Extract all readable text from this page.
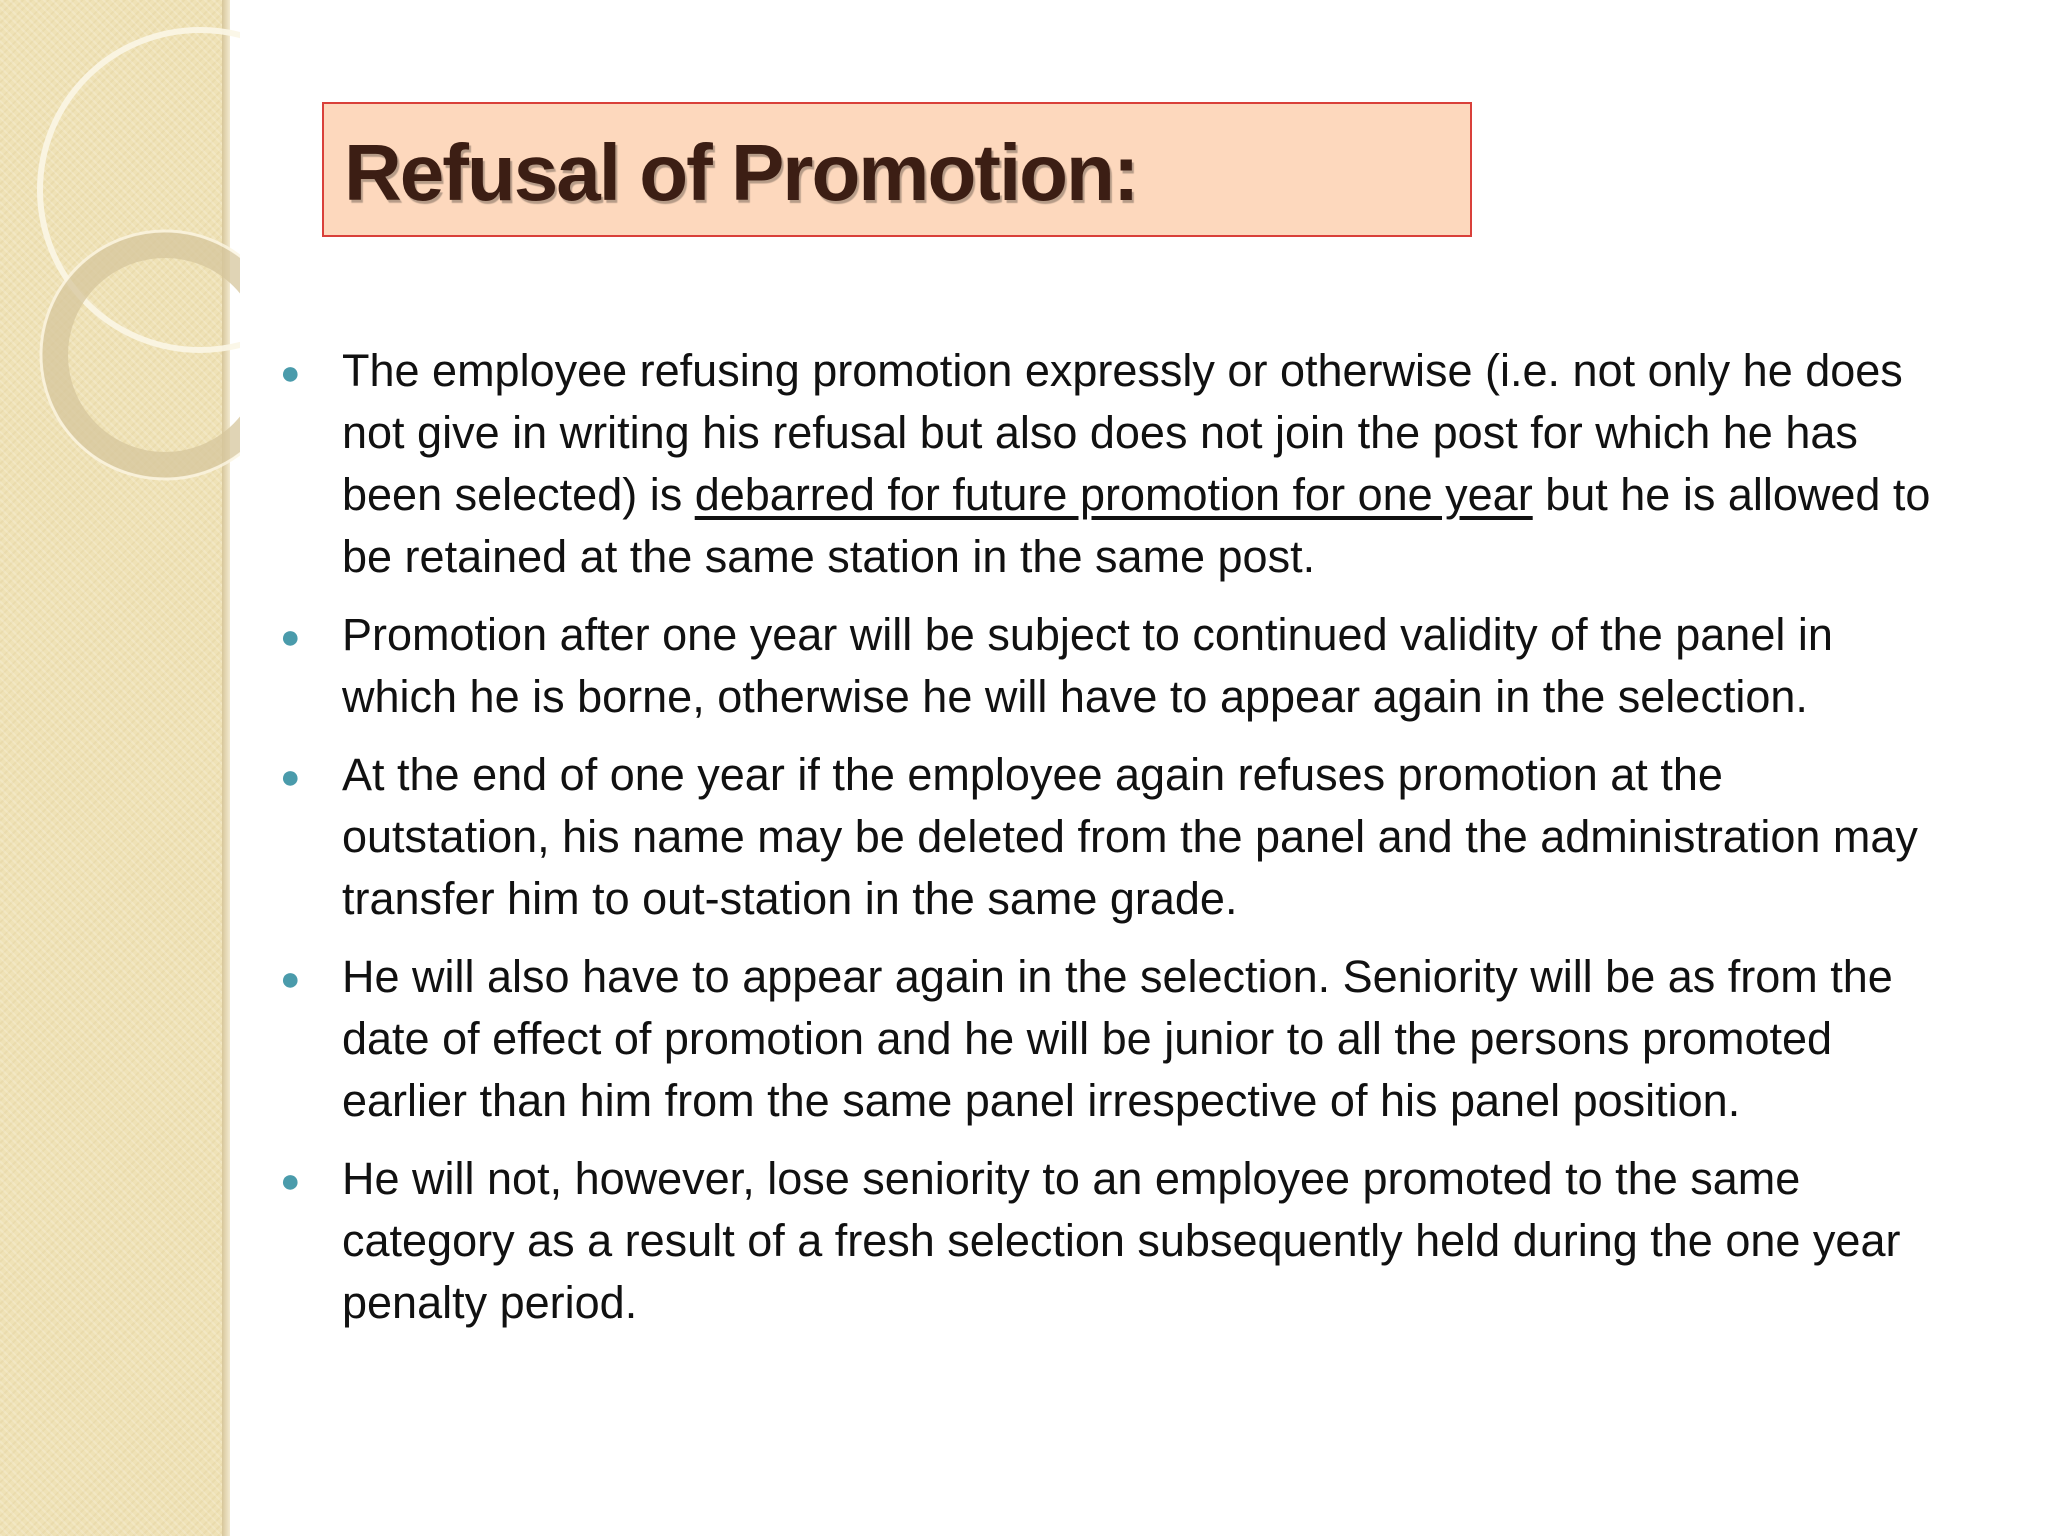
Refusal of Promotion:
● The employee refusing promotion expressly or otherwise (i.e. not only he does not give in writing his refusal but also does not join the post for which he has been selected) is debarred for future promotion for one year but he is allowed to be retained at the same station in the same post.
● Promotion after one year will be subject to continued validity of the panel in which he is borne, otherwise he will have to appear again in the selection.
● At the end of one year if the employee again refuses promotion at the outstation, his name may be deleted from the panel and the administration may transfer him to out-station in the same grade.
● He will also have to appear again in the selection. Seniority will be as from the date of effect of promotion and he will be junior to all the persons promoted earlier than him from the same panel irrespective of his panel position.
● He will not, however, lose seniority to an employee promoted to the same category as a result of a fresh selection subsequently held during the one year penalty period.
